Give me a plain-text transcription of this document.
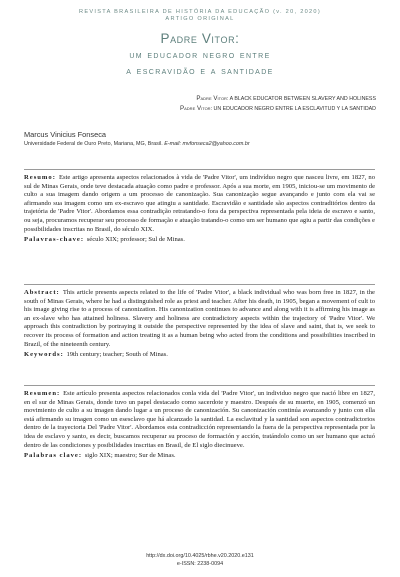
REVISTA BRASILEIRA DE HISTÓRIA DA EDUCAÇÃO (v. 20, 2020)
ARTIGO ORIGINAL
Padre Vitor:
um educador negro entre
a escravidão e a santidade
Padre Vitor: A BLACK EDUCATOR BETWEEN SLAVERY AND HOLINESS
Padre Vitor: UN EDUCADOR NEGRO ENTRE LA ESCLAVITUD Y LA SANTIDAD
Marcus Vinicius Fonseca
Universidade Federal de Ouro Preto, Mariana, MG, Brasil. E-mail: mvfonseca2@yahoo.com.br

Resumo: Este artigo apresenta aspectos relacionados à vida de 'Padre Vitor', um indivíduo negro que nasceu livre, em 1827, no sul de Minas Gerais, onde teve destacada atuação como padre e professor. Após a sua morte, em 1905, iniciou-se um movimento de culto a sua imagem dando origem a um processo de canonização. Sua canonização segue avançando e junto com ela vai se afirmando sua imagem como um ex-escravo que atingiu a santidade. Escravidão e santidade são aspectos contraditórios dentro da trajetória de 'Padre Vitor'. Abordamos essa contradição retratando-o fora da perspectiva representada pela ideia de escravo e santo, ou seja, procuramos recuperar seu processo de formação e atuação tratando-o como um ser humano que agiu a partir das condições e possibilidades inscritas no Brasil, do século XIX.

Palavras-chave: século XIX; professor; Sul de Minas.

Abstract: This article presents aspects related to the life of 'Padre Vitor', a black individual who was born free in 1827, in the south of Minas Gerais, where he had a distinguished role as priest and teacher. After his death, in 1905, began a movement of cult to his image giving rise to a process of canonization. His canonization continues to advance and along with it is affirming his image as an ex-slave who has attained holiness. Slavery and holiness are contradictory aspects within the trajectory of 'Padre Vitor'. We approach this contradiction by portraying it outside the perspective represented by the idea of slave and saint, that is, we seek to recover its process of formation and action treating it as a human being who acted from the conditions and possibilities inscribed in Brazil, of the nineteenth century.

Keywords: 19th century; teacher; South of Minas.

Resumen: Este artículo presenta aspectos relacionados conla vida del 'Padre Vitor', un individuo negro que nació libre en 1827, en el sur de Minas Gerais, donde tuvo un papel destacado como sacerdote y maestro. Después de su muerte, en 1905, comenzó un movimiento de culto a su imagen dando lugar a un proceso de canonización. Su canonización continúa avanzando y junto con ella está afirmando su imagen como un esesclavo que há alcanzado la santidad. La esclavitud y la santidad son aspectos contradictorios dentro de la trayectoria Del 'Padre Vitor'. Abordamos esta contradicción representando la fuera de la perspectiva representada por la idea de esclavo y santo, es decir, buscamos recuperar su proceso de formación y acción, tratándolo como un ser humano que actuó dentro de las condiciones y posibilidades inscritas en Brasil, de El siglo diecinueve.

Palabras clave: siglo XIX; maestro; Sur de Minas.

http://dx.doi.org/10.4025/rbhe.v20.2020.e131
e-ISSN: 2238-0094
